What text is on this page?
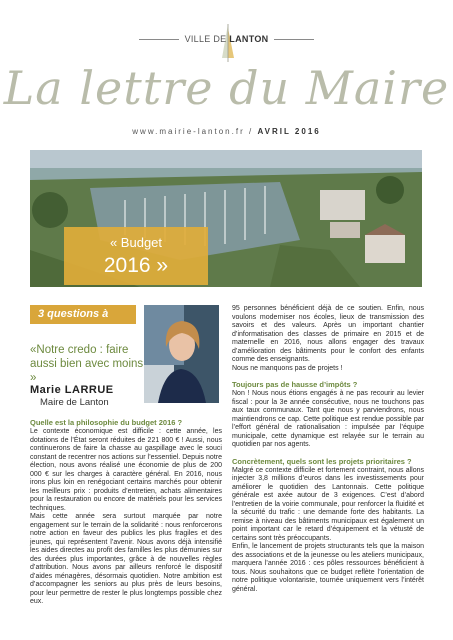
VILLE DE LANTON
La lettre du Maire
www.mairie-lanton.fr / AVRIL 2016
« Budget
2016 »
3 questions à
«Notre credo : faire aussi bien avec moins »
Marie LARRUE
Maire de Lanton
Quelle est la philosophie du budget 2016 ?

Le contexte économique est difficile : cette année, les dotations de l’État seront réduites de 221 800 € ! Aussi, nous continuerons de faire la chasse au gaspillage avec le souci constant de recentrer nos actions sur l’essentiel. Depuis notre élection, nous avons réalisé une économie de plus de 200 000 € sur les charges à caractère général. En 2016, nous irons plus loin en renégociant certains marchés pour obtenir les meilleurs prix : produits d’entretien, achats alimentaires pour la restauration ou encore de matériels pour les services techniques.

Mais cette année sera surtout marquée par notre engagement sur le terrain de la solidarité : nous renforcerons notre action en faveur des publics les plus fragiles et des jeunes, qui représentent l’avenir. Nous avons déjà intensifié les aides directes au profit des familles les plus démunies sur des durées plus importantes, grâce à de nouvelles règles d’attribution. Nous avons par ailleurs renforcé le dispositif d’aides ménagères, désormais quotidien. Notre ambition est d’accompagner les seniors au plus près de leurs besoins, pour leur permettre de rester le plus longtemps possible chez eux.

95 personnes bénéficient déjà de ce soutien. Enfin, nous voulons moderniser nos écoles, lieux de transmission des savoirs et des valeurs. Après un important chantier d’informatisation des classes de primaire en 2015 et de maternelle en 2016, nous allons engager des travaux d’amélioration des bâtiments pour le confort des enfants comme des enseignants.

Nous ne manquons pas de projets !

Toujours pas de hausse d’impôts ?

Non ! Nous nous étions engagés à ne pas recourir au levier fiscal : pour la 3e année consécutive, nous ne touchons pas aux taux communaux. Tant que nous y parviendrons, nous maintiendrons ce cap. Cette politique est rendue possible par l’effort général de rationalisation : impulsée par l’équipe municipale, cette dynamique est relayée sur le terrain au quotidien par nos agents.

Concrètement, quels sont les projets prioritaires ?

Malgré ce contexte difficile et fortement contraint, nous allons injecter 3,8 millions d’euros dans les investissements pour améliorer le quotidien des Lantonnais. Cette politique générale est axée autour de 3 exigences. C’est d’abord l’entretien de la voirie communale, pour renforcer la fluidité et la sécurité du trafic : une demande forte des habitants. La remise à niveau des bâtiments municipaux est également un point important car le retard d’équipement et la vétusté de certains sont très préoccupants.

Enfin, le lancement de projets structurants tels que la maison des associations et de la jeunesse ou les ateliers municipaux, marquera l’année 2016 : ces pôles ressources bénéficient à tous. Nous souhaitons que ce budget reflète l’orientation de notre politique volontariste, tournée uniquement vers l’intérêt général.
